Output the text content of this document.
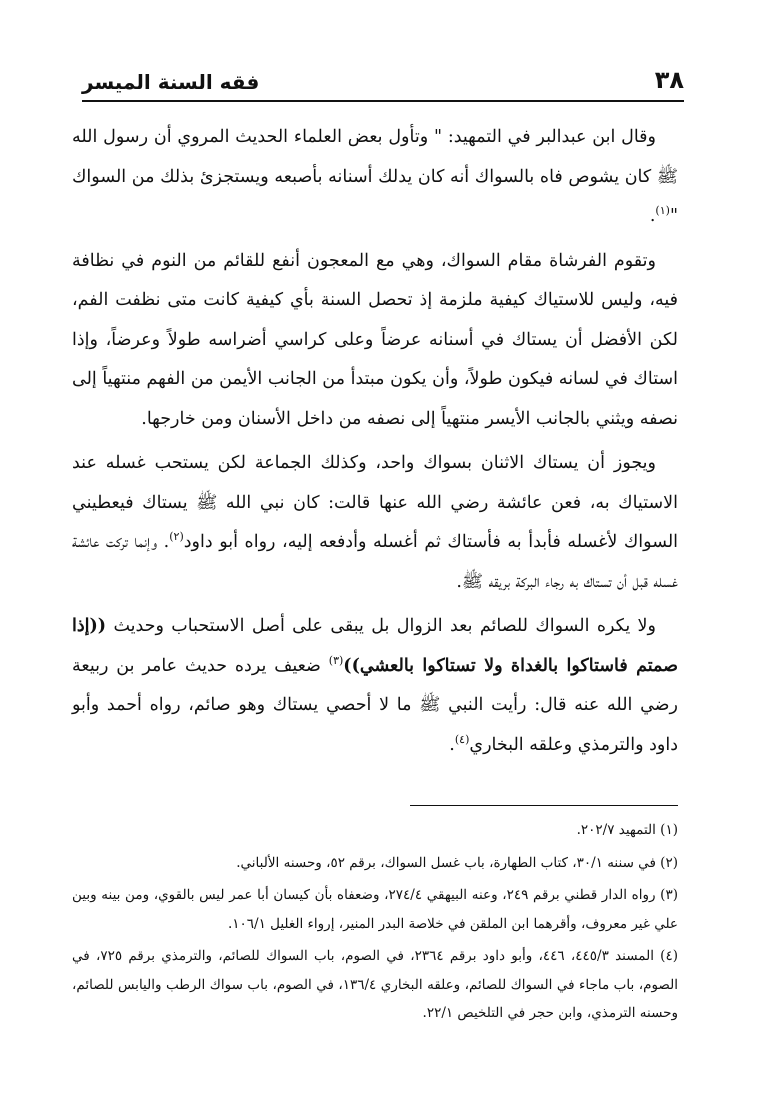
٣٨
فقه السنة الميسر

وقال ابن عبدالبر في التمهيد: " وتأول بعض العلماء الحديث المروي أن رسول الله ﷺ كان يشوص فاه بالسواك أنه كان يدلك أسنانه بأصبعه ويستجزئ بذلك من السواك "$^{(١)}$.

وتقوم الفرشاة مقام السواك، وهي مع المعجون أنفع للقائم من النوم في نظافة فيه، وليس للاستياك كيفية ملزمة إذ تحصل السنة بأي كيفية كانت متى نظفت الفم، لكن الأفضل أن يستاك في أسنانه عرضاً وعلى كراسي أضراسه طولاً وعرضاً، وإذا استاك في لسانه فيكون طولاً، وأن يكون مبتدأ من الجانب الأيمن من الفهم منتهياً إلى نصفه ويثني بالجانب الأيسر منتهياً إلى نصفه من داخل الأسنان ومن خارجها.

ويجوز أن يستاك الاثنان بسواك واحد، وكذلك الجماعة لكن يستحب غسله عند الاستياك به، فعن عائشة رضي الله عنها قالت: كان نبي الله ﷺ يستاك فيعطيني السواك لأغسله فأبدأ به فأستاك ثم أغسله وأدفعه إليه، رواه أبو داود$^{(٢)}$. وإنما تركت عائشة غسله قبل أن تستاك به رجاء البركة بريقه ﷺ.

ولا يكره السواك للصائم بعد الزوال بل يبقى على أصل الاستحباب وحديث ((إذا صمتم فاستاكوا بالغداة ولا تستاكوا بالعشي))$^{(٣)}$ ضعيف يرده حديث عامر بن ربيعة رضي الله عنه قال: رأيت النبي ﷺ ما لا أحصي يستاك وهو صائم، رواه أحمد وأبو داود والترمذي وعلقه البخاري$^{(٤)}$.

(١) التمهيد ٢٠٢/٧.

(٢) في سننه ٣٠/١، كتاب الطهارة، باب غسل السواك، برقم ٥٢، وحسنه الألباني.

(٣) رواه الدار قطني برقم ٢٤٩، وعنه البيهقي ٢٧٤/٤، وضعفاه بأن كيسان أبا عمر ليس بالقوي، ومن بينه وبين علي غير معروف، وأقرهما ابن الملقن في خلاصة البدر المنير، إرواء الغليل ١٠٦/١.

(٤) المسند ٤٤٥/٣، ٤٤٦، وأبو داود برقم ٢٣٦٤، في الصوم، باب السواك للصائم، والترمذي برقم ٧٢٥، في الصوم، باب ماجاء في السواك للصائم، وعلقه البخاري ١٣٦/٤، في الصوم، باب سواك الرطب واليابس للصائم، وحسنه الترمذي، وابن حجر في التلخيص ٢٢/١.
